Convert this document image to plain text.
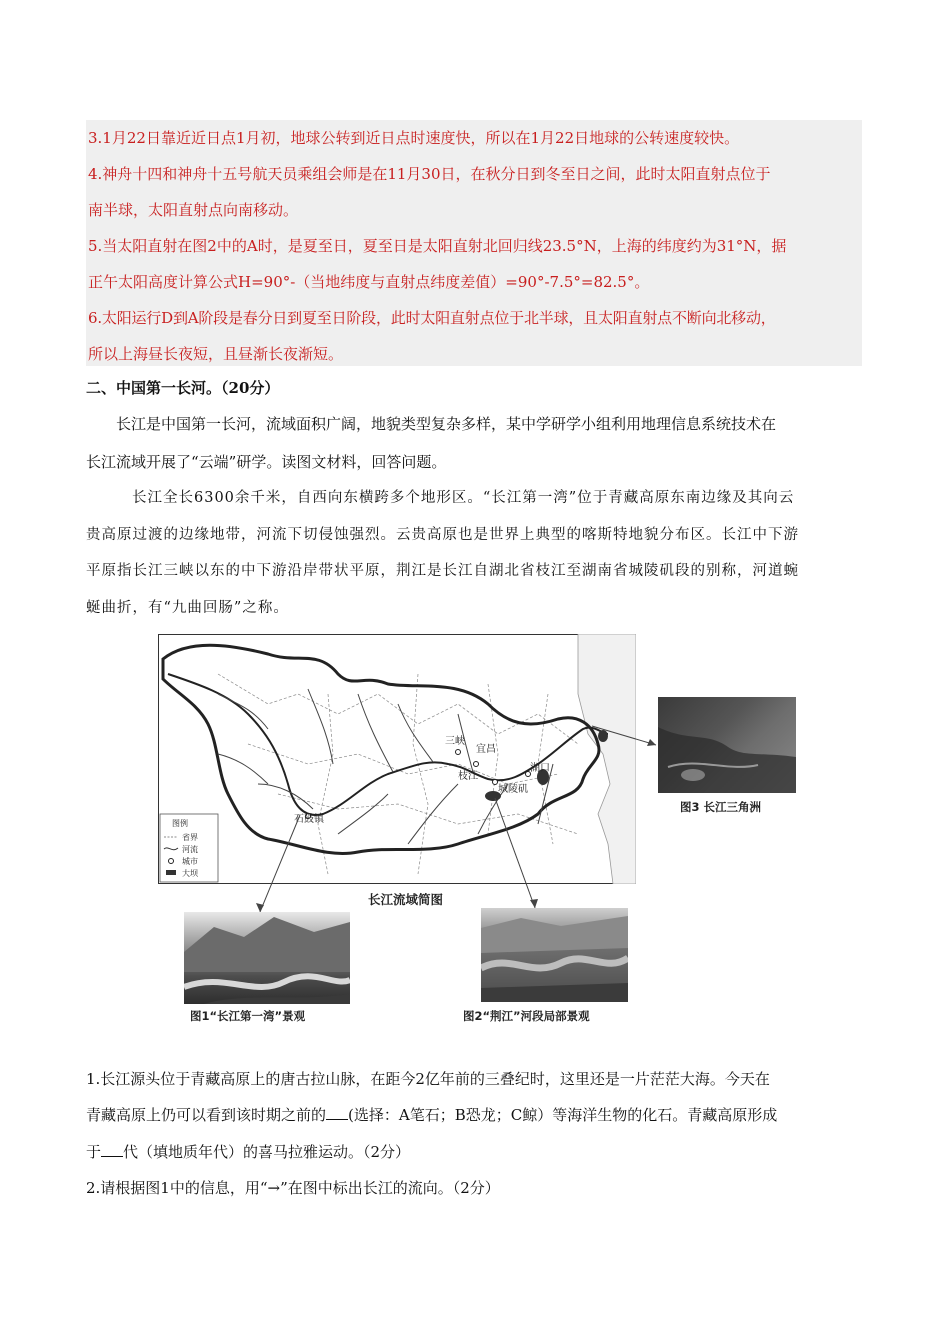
3.1月22日靠近近日点1月初，地球公转到近日点时速度快，所以在1月22日地球的公转速度较快。

4.神舟十四和神舟十五号航天员乘组会师是在11月30日，在秋分日到冬至日之间，此时太阳直射点位于

南半球，太阳直射点向南移动。

5.当太阳直射在图2中的A时，是夏至日，夏至日是太阳直射北回归线23.5°N，上海的纬度约为31°N，据

正午太阳高度计算公式H=90°-（当地纬度与直射点纬度差值）=90°-7.5°=82.5°。

6.太阳运行D到A阶段是春分日到夏至日阶段，此时太阳直射点位于北半球，且太阳直射点不断向北移动，

所以上海昼长夜短，且昼渐长夜渐短。

二、中国第一长河。（20分）
长江是中国第一长河，流域面积广阔，地貌类型复杂多样，某中学研学小组利用地理信息系统技术在
长江流域开展了“云端”研学。读图文材料，回答问题。
长江全长6300余千米，自西向东横跨多个地形区。“长江第一湾”位于青藏高原东南边缘及其向云
贵高原过渡的边缘地带，河流下切侵蚀强烈。云贵高原也是世界上典型的喀斯特地貌分布区。长江中下游
平原指长江三峡以东的中下游沿岸带状平原，荆江是长江自湖北省枝江至湖南省城陵矶段的别称，河道蜿
蜒曲折，有“九曲回肠”之称。
三峡
宜昌
枝江
城陵矶
湖口
石鼓镇
图例
省界
河流
城市
大坝
长江流域简图
图3 长江三角洲
图1“长江第一湾”景观	图2“荆江”河段局部景观
1.长江源头位于青藏高原上的唐古拉山脉，在距今2亿年前的三叠纪时，这里还是一片茫茫大海。今天在
青藏高原上仍可以看到该时期之前的 (选择：A笔石；B恐龙；C鲸）等海洋生物的化石。青藏高原形成
于 代（填地质年代）的喜马拉雅运动。（2分）
2.请根据图1中的信息，用“→”在图中标出长江的流向。（2分）
